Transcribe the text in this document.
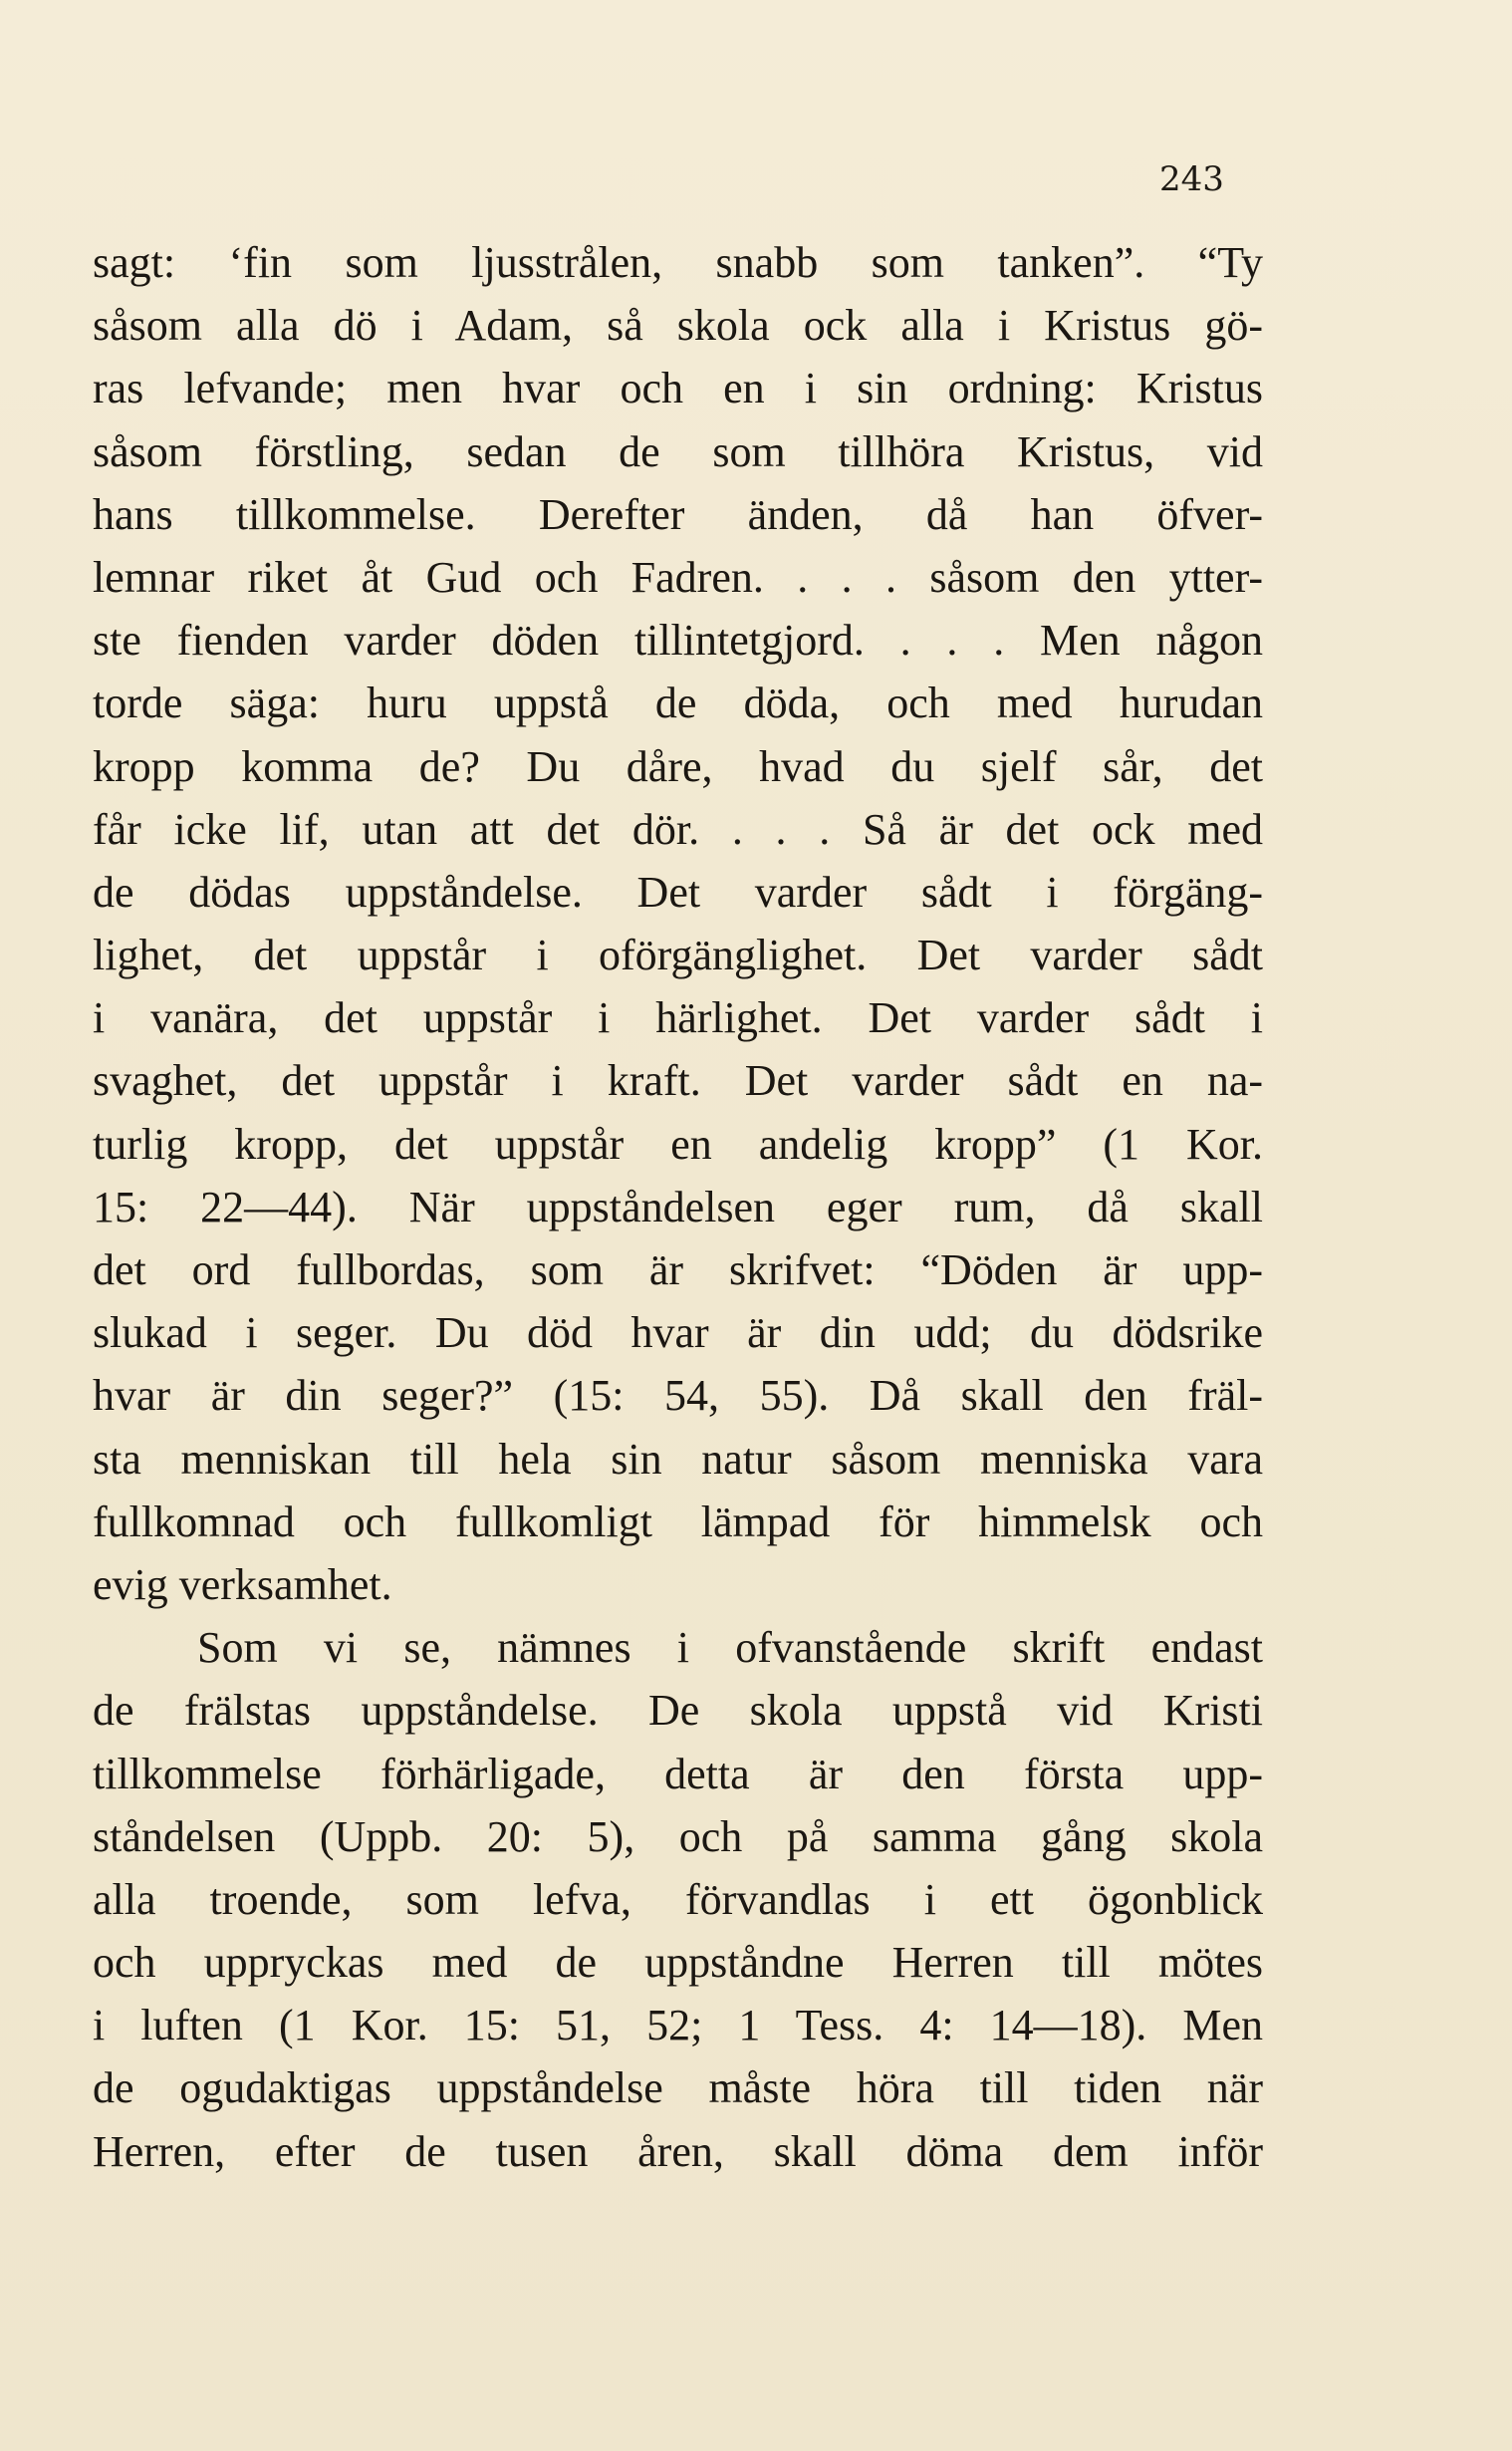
243
sagt: ‘fin som ljusstrålen, snabb som tanken”. “Ty
såsom alla dö i Adam, så skola ock alla i Kristus gö-
ras lefvande; men hvar och en i sin ordning: Kristus
såsom förstling, sedan de som tillhöra Kristus, vid
hans tillkommelse. Derefter änden, då han öfver-
lemnar riket åt Gud och Fadren. . . . såsom den ytter-
ste fienden varder döden tillintetgjord. . . . Men någon
torde säga: huru uppstå de döda, och med hurudan
kropp komma de? Du dåre, hvad du sjelf sår, det
får icke lif, utan att det dör. . . . Så är det ock med
de dödas uppståndelse. Det varder sådt i förgäng-
lighet, det uppstår i oförgänglighet. Det varder sådt
i vanära, det uppstår i härlighet. Det varder sådt i
svaghet, det uppstår i kraft. Det varder sådt en na-
turlig kropp, det uppstår en andelig kropp” (1 Kor.
15: 22—44). När uppståndelsen eger rum, då skall
det ord fullbordas, som är skrifvet: “Döden är upp-
slukad i seger. Du död hvar är din udd; du dödsrike
hvar är din seger?” (15: 54, 55). Då skall den fräl-
sta menniskan till hela sin natur såsom menniska vara
fullkomnad och fullkomligt lämpad för himmelsk och
evig verksamhet.
Som vi se, nämnes i ofvanstående skrift endast
de frälstas uppståndelse. De skola uppstå vid Kristi
tillkommelse förhärligade, detta är den första upp-
ståndelsen (Uppb. 20: 5), och på samma gång skola
alla troende, som lefva, förvandlas i ett ögonblick
och uppryckas med de uppståndne Herren till mötes
i luften (1 Kor. 15: 51, 52; 1 Tess. 4: 14—18). Men
de ogudaktigas uppståndelse måste höra till tiden när
Herren, efter de tusen åren, skall döma dem inför
